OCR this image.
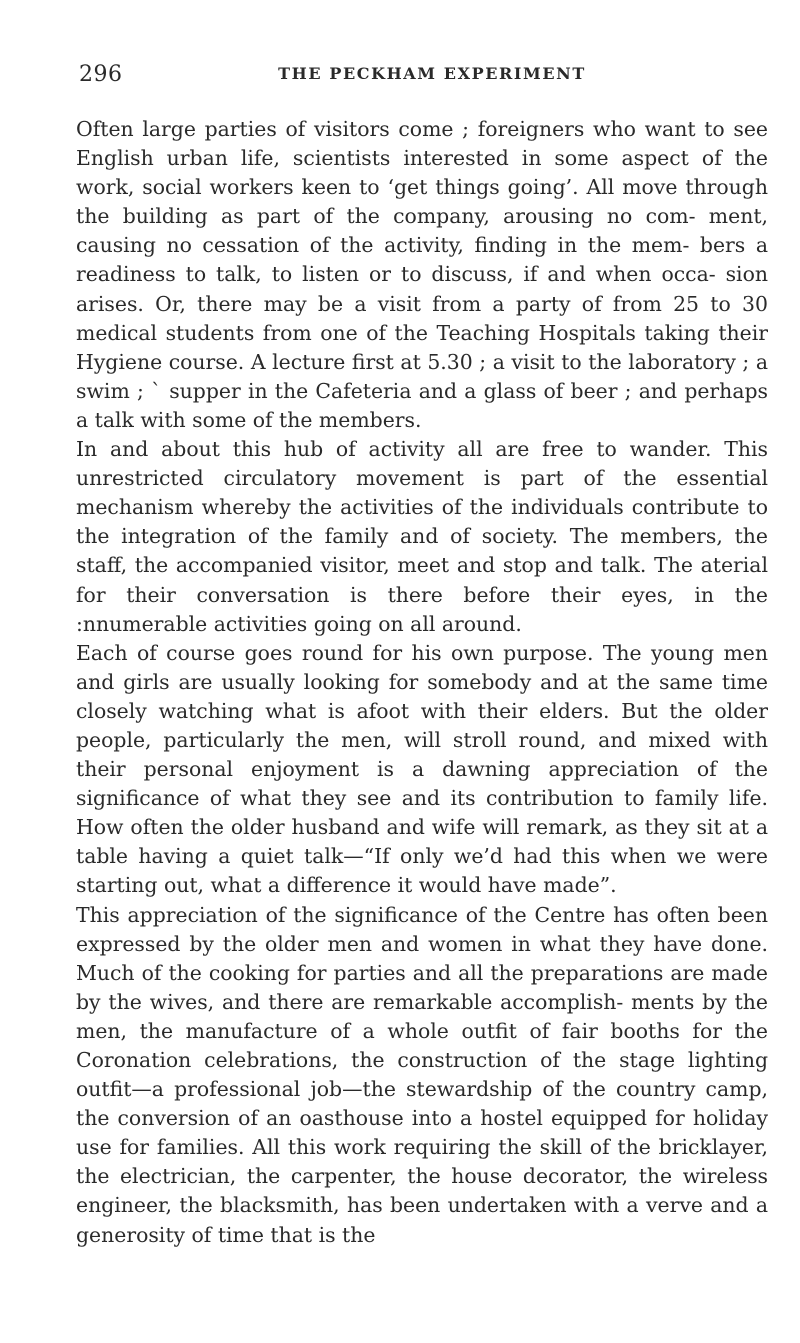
296	THE PECKHAM EXPERIMENT

Often large parties of visitors come ; foreigners who want to see English urban life, scientists interested in some aspect of the work, social workers keen to ‘get things going’. All move through the building as part of the company, arousing no com- ment, causing no cessation of the activity, finding in the mem- bers a readiness to talk, to listen or to discuss, if and when occa- sion arises. Or, there may be a visit from a party of from 25 to 30 medical students from one of the Teaching Hospitals taking their Hygiene course. A lecture first at 5.30 ; a visit to the laboratory ; a swim ; ˋ supper in the Cafeteria and a glass of beer ; and perhaps a talk with some of the members.

In and about this hub of activity all are free to wander. This unrestricted circulatory movement is part of the essential mechanism whereby the activities of the individuals contribute to the integration of the family and of society. The members, the staff, the accompanied visitor, meet and stop and talk. The aterial for their conversation is there before their eyes, in the :nnumerable activities going on all around.

Each of course goes round for his own purpose. The young men and girls are usually looking for somebody and at the same time closely watching what is afoot with their elders. But the older people, particularly the men, will stroll round, and mixed with their personal enjoyment is a dawning appreciation of the significance of what they see and its contribution to family life. How often the older husband and wife will remark, as they sit at a table having a quiet talk—“If only we’d had this when we were starting out, what a difference it would have made”.

This appreciation of the significance of the Centre has often been expressed by the older men and women in what they have done. Much of the cooking for parties and all the preparations are made by the wives, and there are remarkable accomplish- ments by the men, the manufacture of a whole outfit of fair booths for the Coronation celebrations, the construction of the stage lighting outfit—a professional job—the stewardship of the country camp, the conversion of an oasthouse into a hostel equipped for holiday use for families. All this work requiring the skill of the bricklayer, the electrician, the carpenter, the house decorator, the wireless engineer, the blacksmith, has been undertaken with a verve and a generosity of time that is the
